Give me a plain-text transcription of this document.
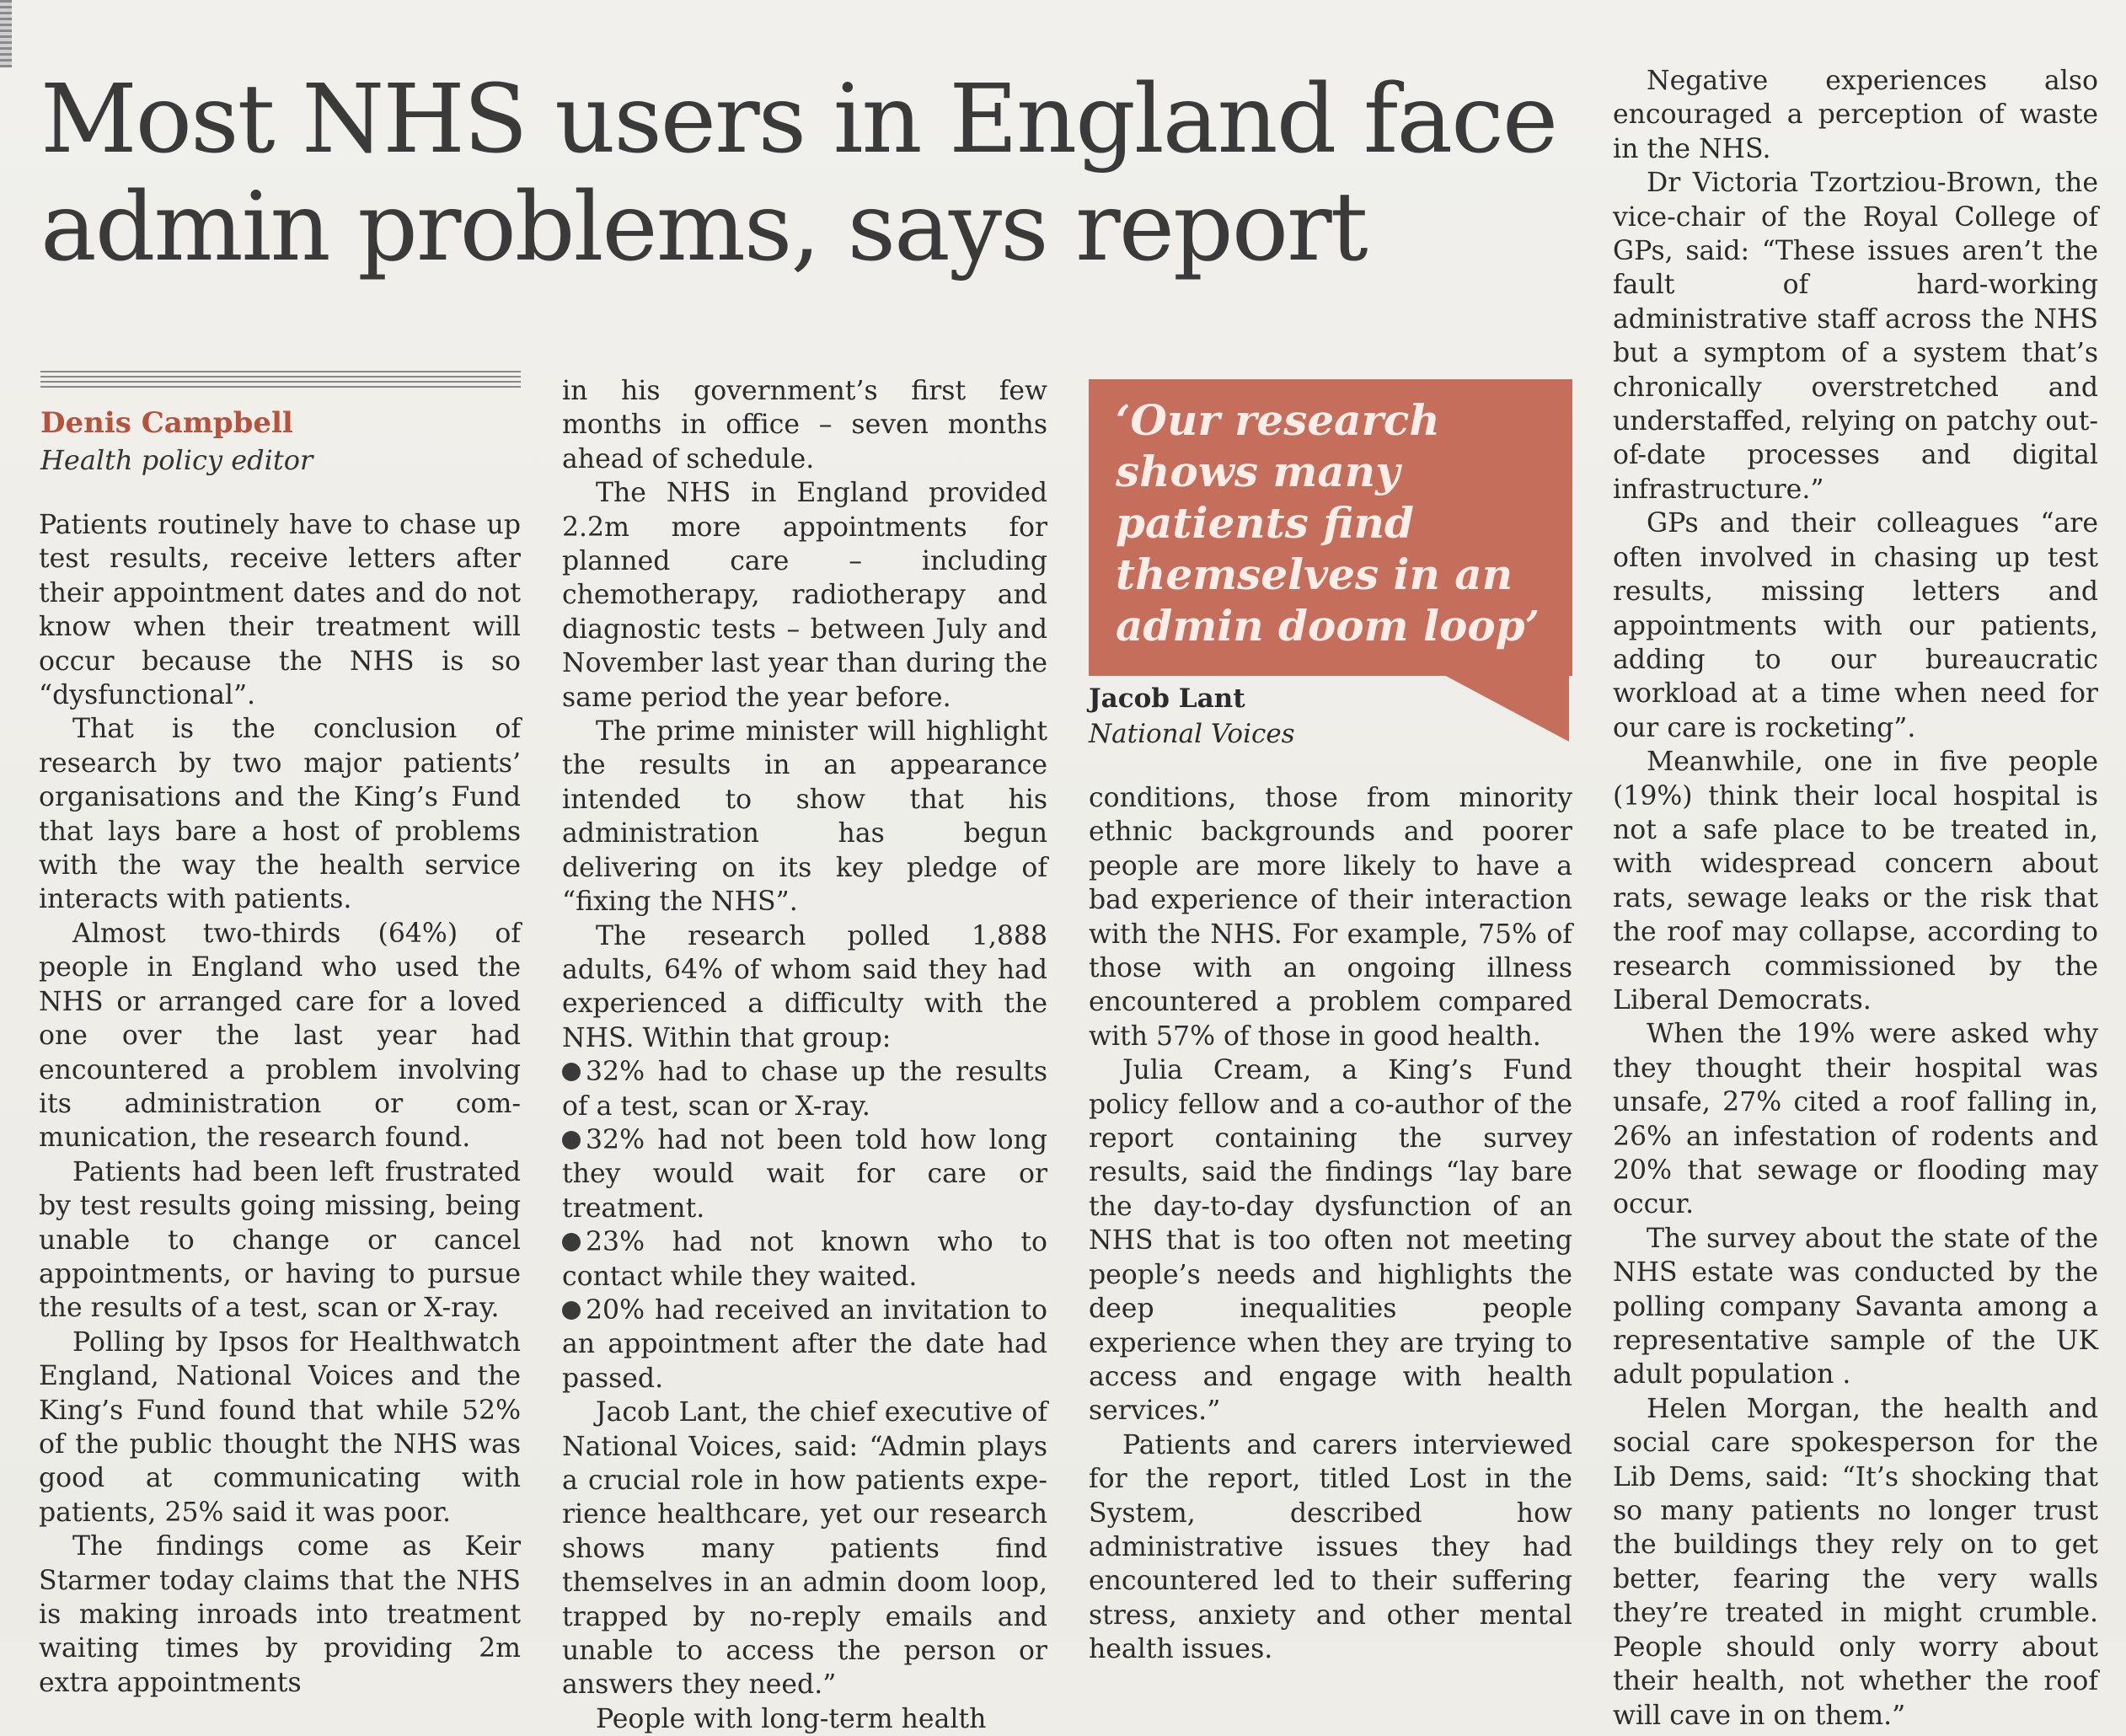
Most NHS users in England face admin problems, says report
Denis Campbell
Health policy editor

Patients routinely have to chase up test results, receive letters after their appointment dates and do not know when their treatment will occur because the NHS is so “dysfunctional”.

That is the conclusion of research by two major patients’ organisations and the King’s Fund that lays bare a host of problems with the way the health service interacts with patients.

Almost two-thirds (64%) of people in England who used the NHS or arranged care for a loved one over the last year had encountered a problem involving its administration or communication, the research found.

Patients had been left frustrated by test results going missing, being unable to change or cancel appointments, or having to pursue the results of a test, scan or X-ray.

Polling by Ipsos for Healthwatch England, National Voices and the King’s Fund found that while 52% of the public thought the NHS was good at communicating with patients, 25% said it was poor.

The findings come as Keir Starmer today claims that the NHS is making inroads into treatment waiting times by providing 2m extra appointments

in his government’s first few months in office – seven months ahead of schedule.

The NHS in England provided 2.2m more appointments for planned care – including chemotherapy, radiotherapy and diagnostic tests – between July and November last year than during the same period the year before.

The prime minister will highlight the results in an appearance intended to show that his administration has begun delivering on its key pledge of “fixing the NHS”.

The research polled 1,888 adults, 64% of whom said they had experienced a difficulty with the NHS. Within that group:

32% had to chase up the results of a test, scan or X-ray.

32% had not been told how long they would wait for care or treatment.

23% had not known who to contact while they waited.

20% had received an invitation to an appointment after the date had passed.

Jacob Lant, the chief executive of National Voices, said: “Admin plays a crucial role in how patients experience healthcare, yet our research shows many patients find themselves in an admin doom loop, trapped by no-reply emails and unable to access the person or answers they need.”

People with long-term health

‘Our research shows many patients find themselves in an admin doom loop’
Jacob Lant
National Voices

conditions, those from minority ethnic backgrounds and poorer people are more likely to have a bad experience of their interaction with the NHS. For example, 75% of those with an ongoing illness encountered a problem compared with 57% of those in good health.

Julia Cream, a King’s Fund policy fellow and a co-author of the report containing the survey results, said the findings “lay bare the day-to-day dysfunction of an NHS that is too often not meeting people’s needs and highlights the deep inequalities people experience when they are trying to access and engage with health services.”

Patients and carers interviewed for the report, titled Lost in the System, described how administrative issues they had encountered led to their suffering stress, anxiety and other mental health issues.

Negative experiences also encouraged a perception of waste in the NHS.

Dr Victoria Tzortziou-Brown, the vice-chair of the Royal College of GPs, said: “These issues aren’t the fault of hard-working administrative staff across the NHS but a symptom of a system that’s chronically overstretched and understaffed, relying on patchy out-of-date processes and digital infrastructure.”

GPs and their colleagues “are often involved in chasing up test results, missing letters and appointments with our patients, adding to our bureaucratic workload at a time when need for our care is rocketing”.

Meanwhile, one in five people (19%) think their local hospital is not a safe place to be treated in, with widespread concern about rats, sewage leaks or the risk that the roof may collapse, according to research commissioned by the Liberal Democrats.

When the 19% were asked why they thought their hospital was unsafe, 27% cited a roof falling in, 26% an infestation of rodents and 20% that sewage or flooding may occur.

The survey about the state of the NHS estate was conducted by the polling company Savanta among a representative sample of the UK adult population .

Helen Morgan, the health and social care spokesperson for the Lib Dems, said: “It’s shocking that so many patients no longer trust the buildings they rely on to get better, fearing the very walls they’re treated in might crumble. People should only worry about their health, not whether the roof will cave in on them.”
